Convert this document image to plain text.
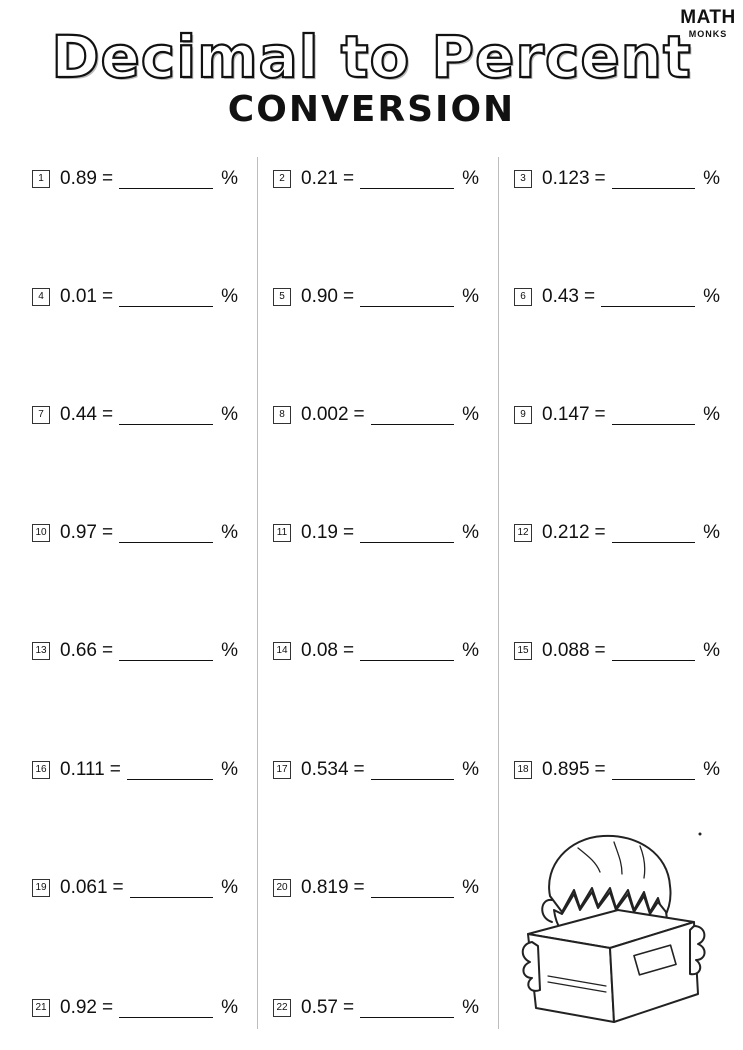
Decimal to Percent
CONVERSION
MATH
MONKS
1 0.89 =	%	2 0.21 =	%	3 0.123 =	%
4 0.01 =	%	5 0.90 =	%	6 0.43 =	%
7 0.44 =	%	8 0.002 =	%	9 0.147 =	%
10 0.97 =	%	11 0.19 =	%	12 0.212 =	%
13 0.66 =	%	14 0.08 =	%	15 0.088 =	%
16 0.111 =	%	17 0.534 =	%	18 0.895 =	%
19 0.061 =	%	20 0.819 =	%
21 0.92 =	%	22 0.57 =	%
